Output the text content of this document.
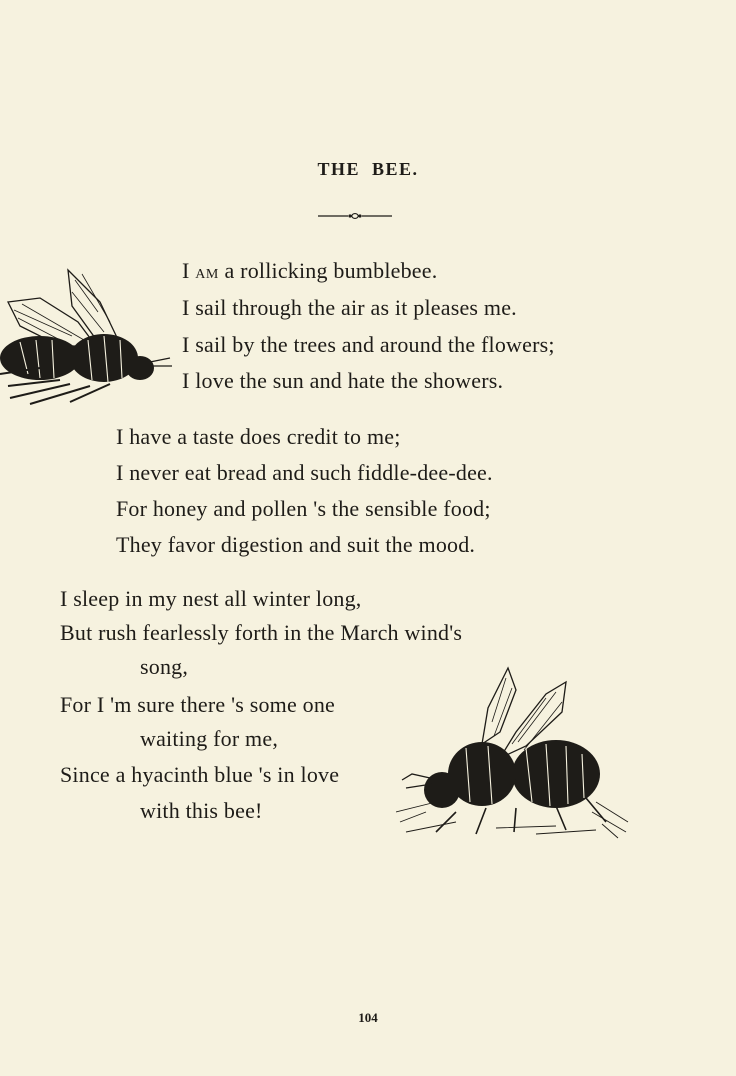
THE BEE.
I am a rollicking bumblebee.
I sail through the air as it pleases me.
I sail by the trees and around the flowers;
I love the sun and hate the showers.
I have a taste does credit to me;
I never eat bread and such fiddle-dee-dee.
For honey and pollen 's the sensible food;
They favor digestion and suit the mood.
I sleep in my nest all winter long,
But rush fearlessly forth in the March wind's
song,
For I 'm sure there 's some one
waiting for me,
Since a hyacinth blue 's in love
with this bee!
104
